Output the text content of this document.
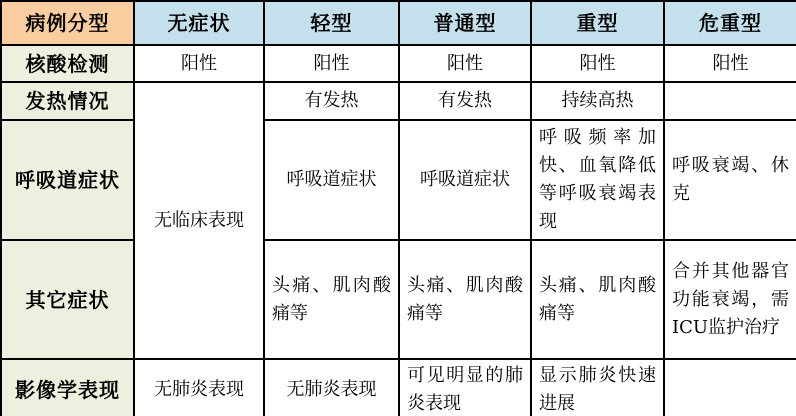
病例分型	无症状	轻型	普通型	重型	危重型
核酸检测	阳性	阳性	阳性	阳性	阳性
发热情况	无临床表现	有发热	有发热	持续高热	
呼吸道症状		呼吸道症状	呼吸道症状	呼吸频率加快、血氧降低等呼吸衰竭表现	呼吸衰竭、休克
其它症状		头痛、肌肉酸痛等	头痛、肌肉酸痛等	头痛、肌肉酸痛等	合并其他器官功能衰竭，需ICU监护治疗
影像学表现	无肺炎表现	无肺炎表现	可见明显的肺炎表现	显示肺炎快速进展	
